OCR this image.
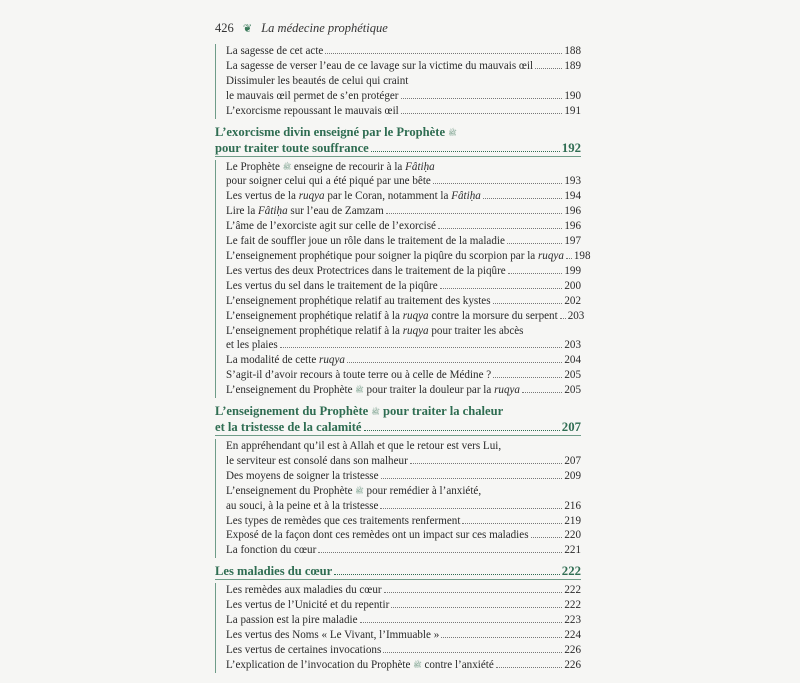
426 ❦ La médecine prophétique
La sagesse de cet acte	188
La sagesse de verser l’eau de ce lavage sur la victime du mauvais œil	189
Dissimuler les beautés de celui qui craint
le mauvais œil permet de s’en protéger	190
L’exorcisme repoussant le mauvais œil	191
L’exorcisme divin enseigné par le Prophète ﷺ
pour traiter toute souffrance	192
Le Prophète ﷺ enseigne de recourir à la Fâtiḥa
pour soigner celui qui a été piqué par une bête	193
Les vertus de la ruqya par le Coran, notamment la Fâtiḥa	194
Lire la Fâtiḥa sur l’eau de Zamzam	196
L’âme de l’exorciste agit sur celle de l’exorcisé	196
Le fait de souffler joue un rôle dans le traitement de la maladie	197
L’enseignement prophétique pour soigner la piqûre du scorpion par la ruqya 198
Les vertus des deux Protectrices dans le traitement de la piqûre	199
Les vertus du sel dans le traitement de la piqûre	200
L’enseignement prophétique relatif au traitement des kystes	202
L’enseignement prophétique relatif à la ruqya contre la morsure du serpent 203
L’enseignement prophétique relatif à la ruqya pour traiter les abcès
et les plaies	203
La modalité de cette ruqya	204
S’agit-il d’avoir recours à toute terre ou à celle de Médine ?	205
L’enseignement du Prophète ﷺ pour traiter la douleur par la ruqya	205
L’enseignement du Prophète ﷺ pour traiter la chaleur
et la tristesse de la calamité	207
En appréhendant qu’il est à Allah et que le retour est vers Lui,
le serviteur est consolé dans son malheur	207
Des moyens de soigner la tristesse	209
L’enseignement du Prophète ﷺ pour remédier à l’anxiété,
au souci, à la peine et à la tristesse	216
Les types de remèdes que ces traitements renferment	219
Exposé de la façon dont ces remèdes ont un impact sur ces maladies	220
La fonction du cœur	221
Les maladies du cœur	222
Les remèdes aux maladies du cœur	222
Les vertus de l’Unicité et du repentir	222
La passion est la pire maladie	223
Les vertus des Noms « Le Vivant, l’Immuable »	224
Les vertus de certaines invocations	226
L’explication de l’invocation du Prophète ﷺ contre l’anxiété	226
